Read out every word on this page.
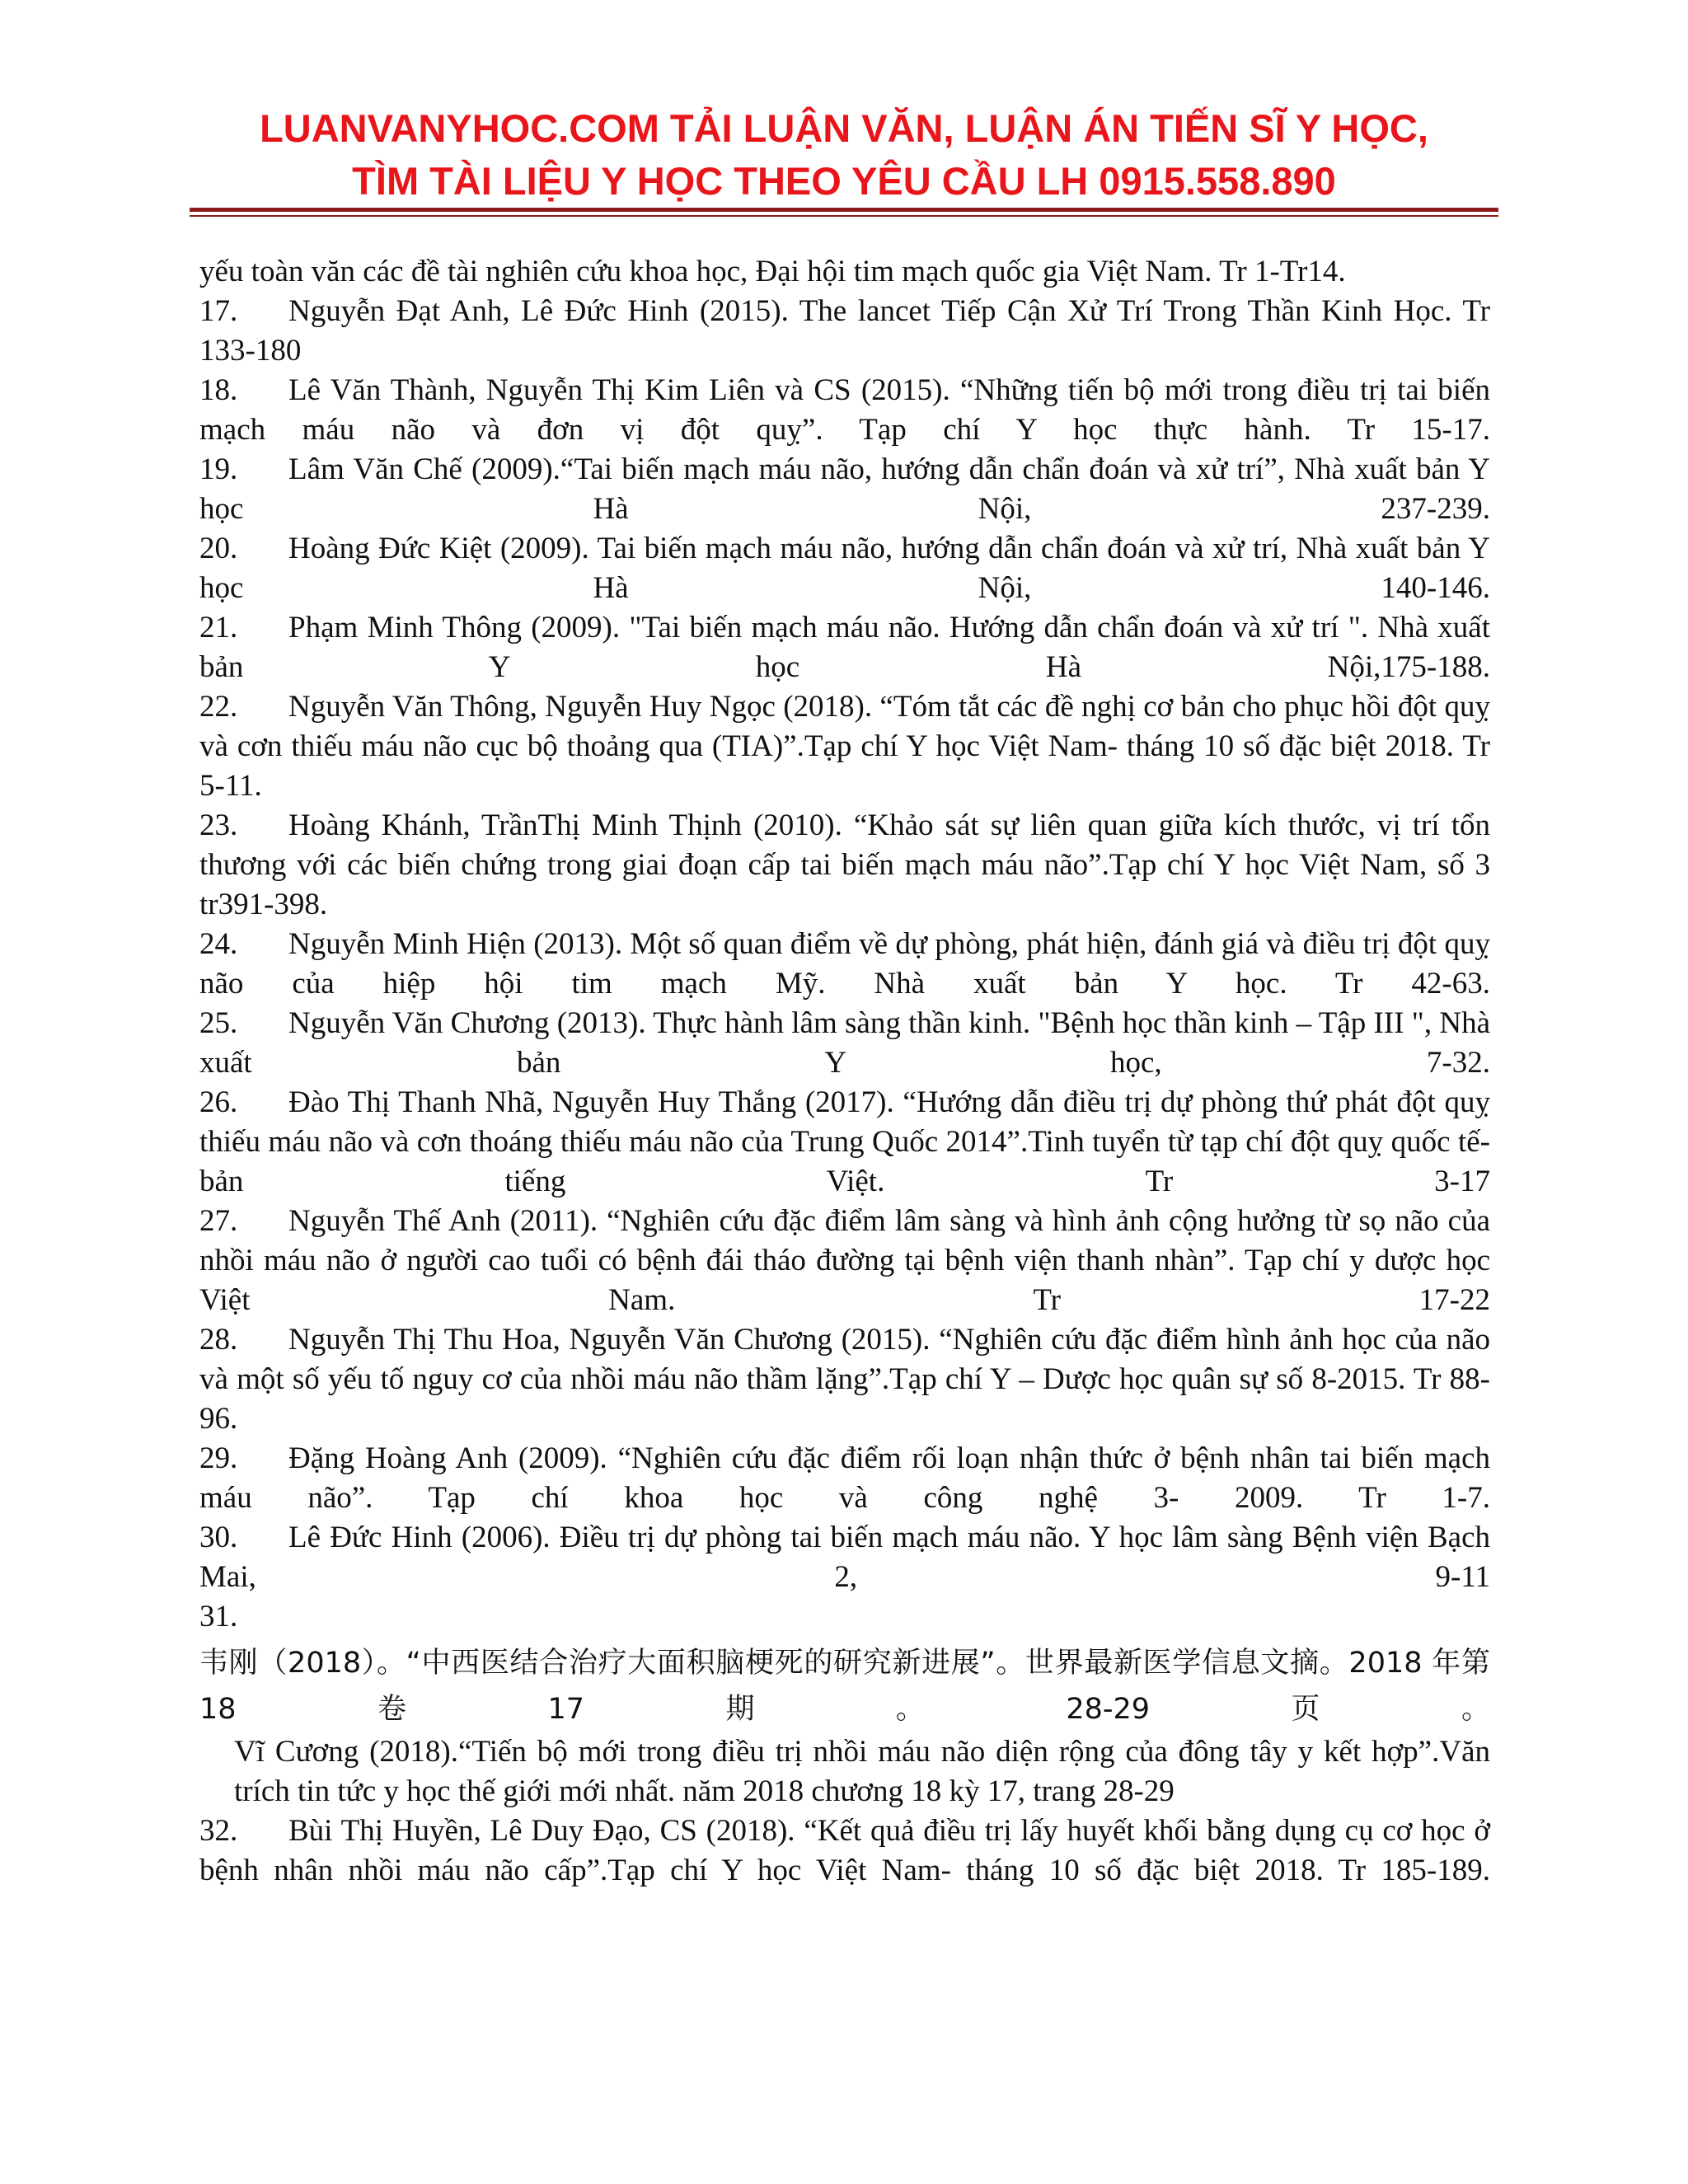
LUANVANYHOC.COM TẢI LUẬN VĂN, LUẬN ÁN TIẾN SĨ Y HỌC,
TÌM TÀI LIỆU Y HỌC THEO YÊU CẦU LH 0915.558.890

yếu toàn văn các đề tài nghiên cứu khoa học, Đại hội tim mạch quốc gia Việt Nam. Tr 1-Tr14.

17. Nguyễn Đạt Anh, Lê Đức Hinh (2015). The lancet Tiếp Cận Xử Trí Trong Thần Kinh Học. Tr 133-180

18. Lê Văn Thành, Nguyễn Thị Kim Liên và CS (2015). “Những tiến bộ mới trong điều trị tai biến mạch máu não và đơn vị đột quỵ”. Tạp chí Y học thực hành. Tr 15-17.

19. Lâm Văn Chế (2009).“Tai biến mạch máu não, hướng dẫn chẩn đoán và xử trí”, Nhà xuất bản Y học Hà Nội, 237-239.

20. Hoàng Đức Kiệt (2009). Tai biến mạch máu não, hướng dẫn chẩn đoán và xử trí, Nhà xuất bản Y học Hà Nội, 140-146.

21. Phạm Minh Thông (2009). "Tai biến mạch máu não. Hướng dẫn chẩn đoán và xử trí ". Nhà xuất bản Y học Hà Nội,175-188.

22. Nguyễn Văn Thông, Nguyễn Huy Ngọc (2018). “Tóm tắt các đề nghị cơ bản cho phục hồi đột quỵ và cơn thiếu máu não cục bộ thoảng qua (TIA)”.Tạp chí Y học Việt Nam- tháng 10 số đặc biệt 2018. Tr 5-11.

23. Hoàng Khánh, TrầnThị Minh Thịnh (2010). “Khảo sát sự liên quan giữa kích thước, vị trí tổn thương với các biến chứng trong giai đoạn cấp tai biến mạch máu não”.Tạp chí Y học Việt Nam, số 3 tr391-398.

24. Nguyễn Minh Hiện (2013). Một số quan điểm về dự phòng, phát hiện, đánh giá và điều trị đột quỵ não của hiệp hội tim mạch Mỹ. Nhà xuất bản Y học. Tr 42-63.

25. Nguyễn Văn Chương (2013). Thực hành lâm sàng thần kinh. "Bệnh học thần kinh – Tập III ", Nhà xuất bản Y học, 7-32.

26. Đào Thị Thanh Nhã, Nguyễn Huy Thắng (2017). “Hướng dẫn điều trị dự phòng thứ phát đột quỵ thiếu máu não và cơn thoáng thiếu máu não của Trung Quốc 2014”.Tinh tuyển từ tạp chí đột quỵ quốc tế- bản tiếng Việt. Tr 3-17

27. Nguyễn Thế Anh (2011). “Nghiên cứu đặc điểm lâm sàng và hình ảnh cộng hưởng từ sọ não của nhồi máu não ở người cao tuổi có bệnh đái tháo đường tại bệnh viện thanh nhàn”. Tạp chí y dược học Việt Nam. Tr 17-22

28. Nguyễn Thị Thu Hoa, Nguyễn Văn Chương (2015). “Nghiên cứu đặc điểm hình ảnh học của não và một số yếu tố nguy cơ của nhồi máu não thầm lặng”.Tạp chí Y – Dược học quân sự số 8-2015. Tr 88-96.

29. Đặng Hoàng Anh (2009). “Nghiên cứu đặc điểm rối loạn nhận thức ở bệnh nhân tai biến mạch máu não”. Tạp chí khoa học và công nghệ 3- 2009. Tr 1-7.

30. Lê Đức Hinh (2006). Điều trị dự phòng tai biến mạch máu não. Y học lâm sàng Bệnh viện Bạch Mai, 2, 9-11

31.

韦刚（2018）。“中西医结合治疗大面积脑梗死的研究新进展”。世界最新医学信息文摘。2018 年第18卷17期。28-29页。

Vĩ Cương (2018).“Tiến bộ mới trong điều trị nhồi máu não diện rộng của đông tây y kết hợp”.Văn trích tin tức y học thế giới mới nhất. năm 2018 chương 18 kỳ 17, trang 28-29

32. Bùi Thị Huyền, Lê Duy Đạo, CS (2018). “Kết quả điều trị lấy huyết khối bằng dụng cụ cơ học ở bệnh nhân nhồi máu não cấp”.Tạp chí Y học Việt Nam- tháng 10 số đặc biệt 2018. Tr 185-189.
